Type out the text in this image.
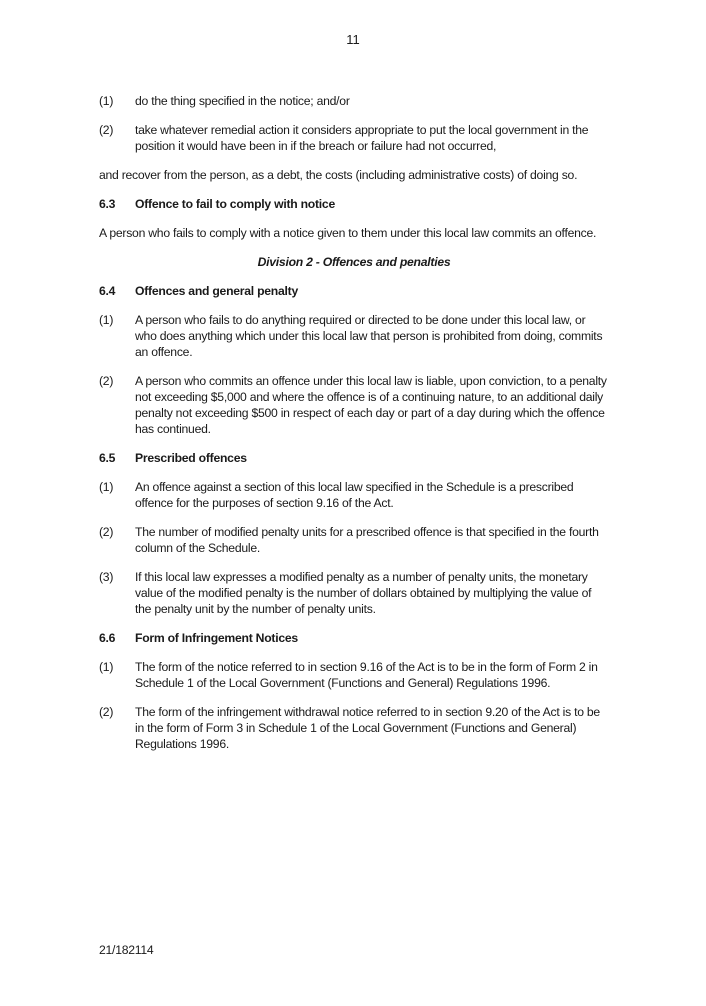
11
(1)	do the thing specified in the notice; and/or
(2)	take whatever remedial action it considers appropriate to put the local government in the position it would have been in if the breach or failure had not occurred,
and recover from the person, as a debt, the costs (including administrative costs) of doing so.
6.3	Offence to fail to comply with notice
A person who fails to comply with a notice given to them under this local law commits an offence.
Division 2 - Offences and penalties
6.4	Offences and general penalty
(1)	A person who fails to do anything required or directed to be done under this local law, or who does anything which under this local law that person is prohibited from doing, commits an offence.
(2)	A person who commits an offence under this local law is liable, upon conviction, to a penalty not exceeding $5,000 and where the offence is of a continuing nature, to an additional daily penalty not exceeding $500 in respect of each day or part of a day during which the offence has continued.
6.5	Prescribed offences
(1)	An offence against a section of this local law specified in the Schedule is a prescribed offence for the purposes of section 9.16 of the Act.
(2)	The number of modified penalty units for a prescribed offence is that specified in the fourth column of the Schedule.
(3)	If this local law expresses a modified penalty as a number of penalty units, the monetary value of the modified penalty is the number of dollars obtained by multiplying the value of the penalty unit by the number of penalty units.
6.6	Form of Infringement Notices
(1)	The form of the notice referred to in section 9.16 of the Act is to be in the form of Form 2 in Schedule 1 of the Local Government (Functions and General) Regulations 1996.
(2)	The form of the infringement withdrawal notice referred to in section 9.20 of the Act is to be in the form of Form 3 in Schedule 1 of the Local Government (Functions and General) Regulations 1996.
21/182114
